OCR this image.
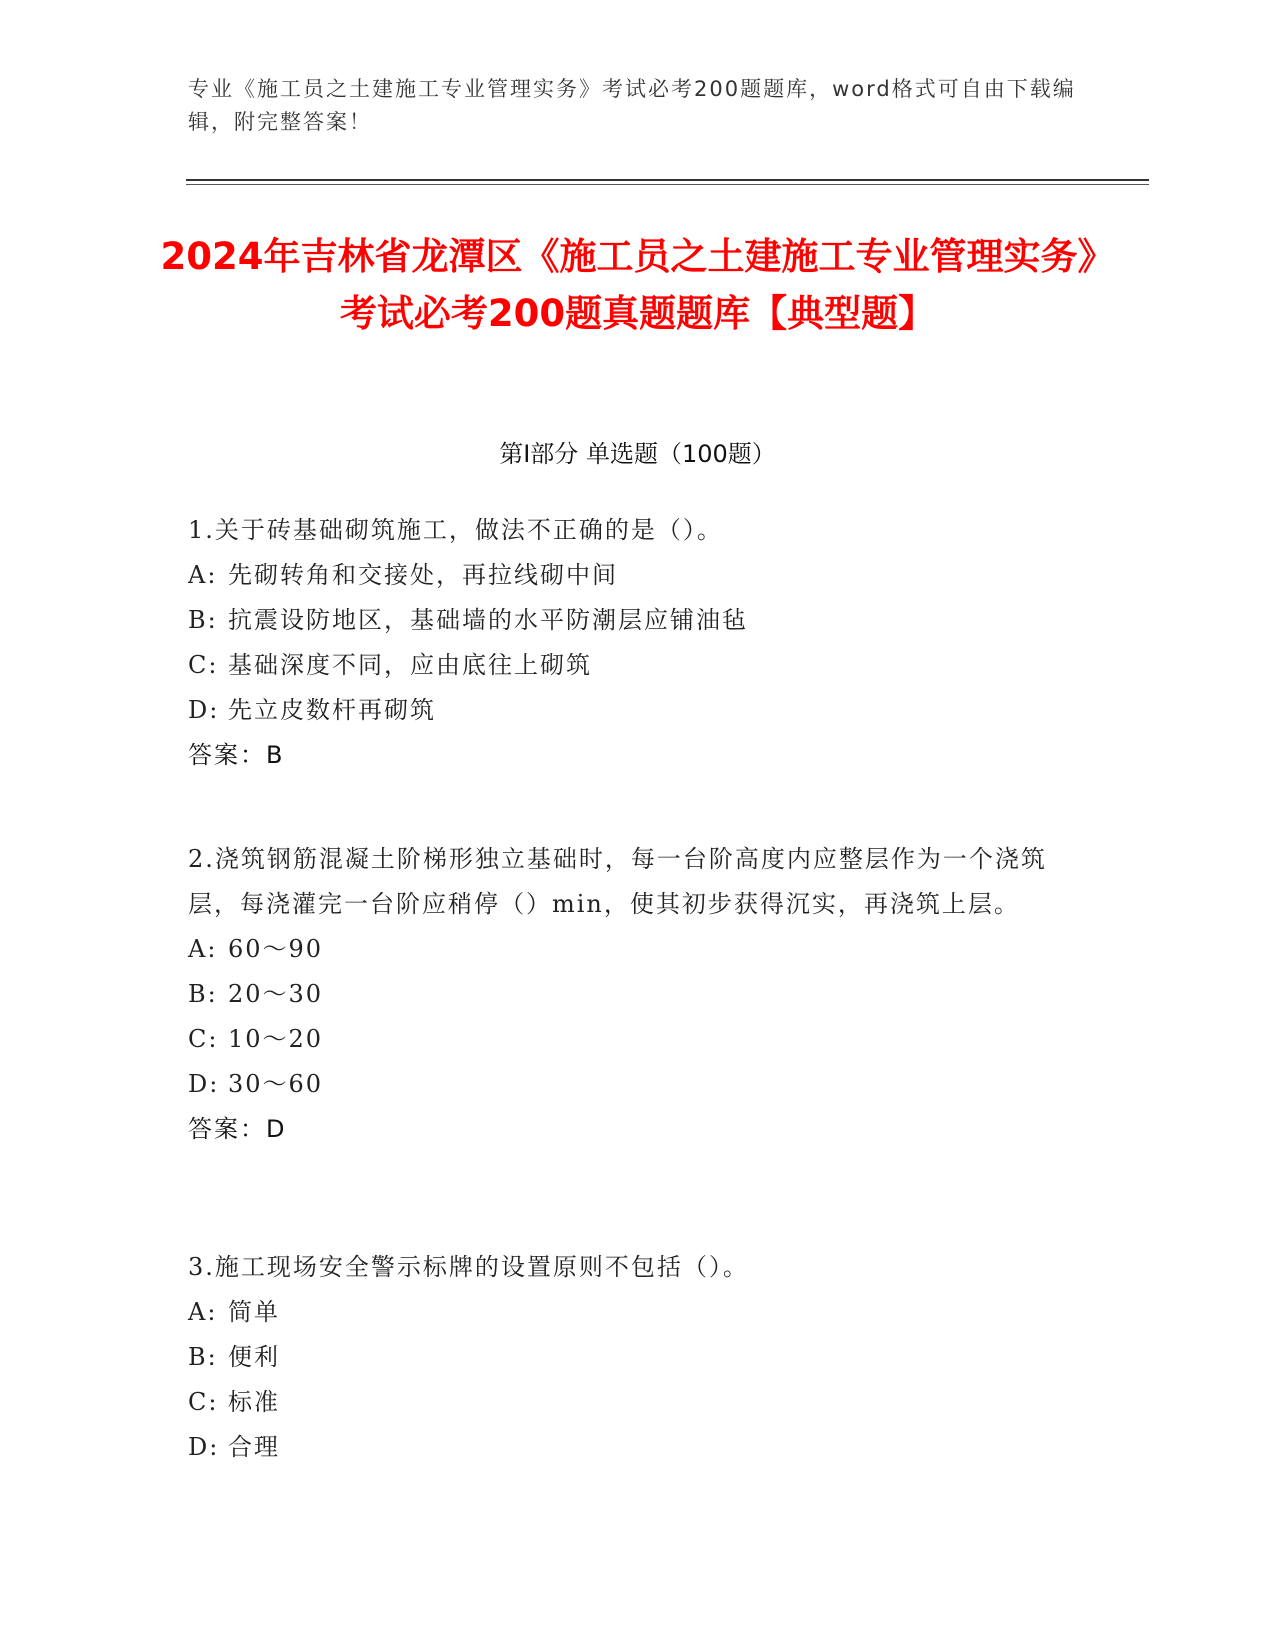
专业《施工员之土建施工专业管理实务》考试必考200题题库，word格式可自由下载编辑，附完整答案！
2024年吉林省龙潭区《施工员之土建施工专业管理实务》考试必考200题真题题库【典型题】
第I部分 单选题（100题）

1.关于砖基础砌筑施工，做法不正确的是（）。

A: 先砌转角和交接处，再拉线砌中间

B: 抗震设防地区，基础墙的水平防潮层应铺油毡

C: 基础深度不同，应由底往上砌筑

D: 先立皮数杆再砌筑

答案：B

2.浇筑钢筋混凝土阶梯形独立基础时，每一台阶高度内应整层作为一个浇筑层，每浇灌完一台阶应稍停（）min，使其初步获得沉实，再浇筑上层。

A: 60～90

B: 20～30

C: 10～20

D: 30～60

答案：D

3.施工现场安全警示标牌的设置原则不包括（）。

A: 简单

B: 便利

C: 标准

D: 合理
